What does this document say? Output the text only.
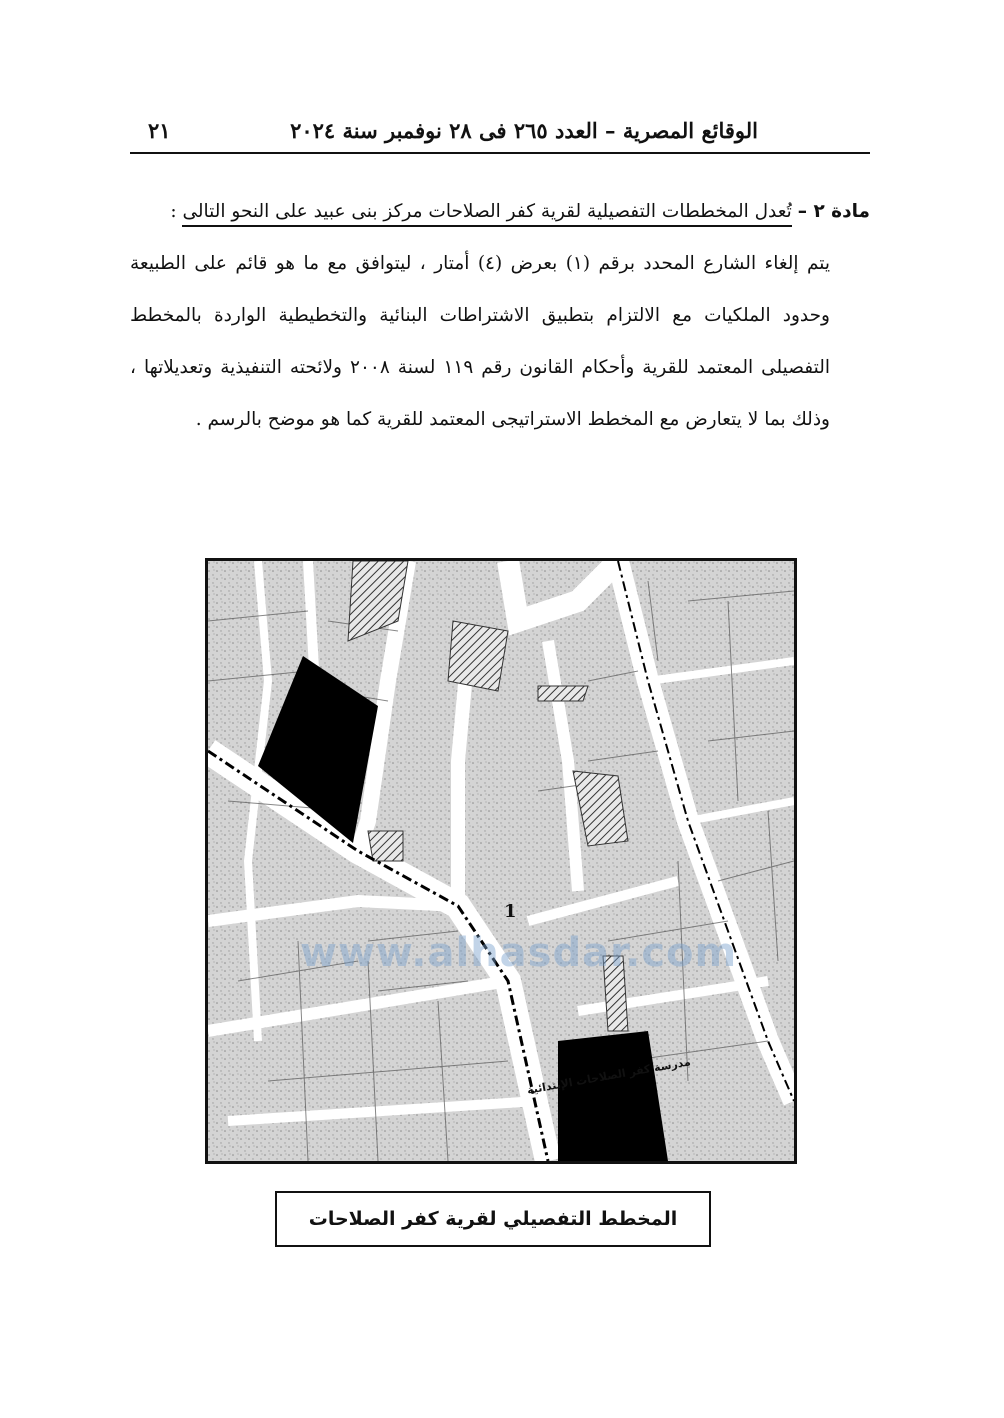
الوقائع المصرية – العدد ٢٦٥ فى ٢٨ نوفمبر سنة ٢٠٢٤
٢١

مادة ٢ – تُعدل المخططات التفصيلية لقرية كفر الصلاحات مركز بنى عبيد على النحو التالى :

يتم إلغاء الشارع المحدد برقم (١) بعرض (٤) أمتار ، ليتوافق مع ما هو قائم على الطبيعة وحدود الملكيات مع الالتزام بتطبيق الاشتراطات البنائية والتخطيطية الواردة بالمخطط التفصيلى المعتمد للقرية وأحكام القانون رقم ١١٩ لسنة ٢٠٠٨ ولائحته التنفيذية وتعديلاتها ، وذلك بما لا يتعارض مع المخطط الاستراتيجى المعتمد للقرية كما هو موضح بالرسم .

1
مدرسة كفر الصلاحات الإبتدائية
www.alhasdar.com
المخطط التفصيلي لقرية كفر الصلاحات
